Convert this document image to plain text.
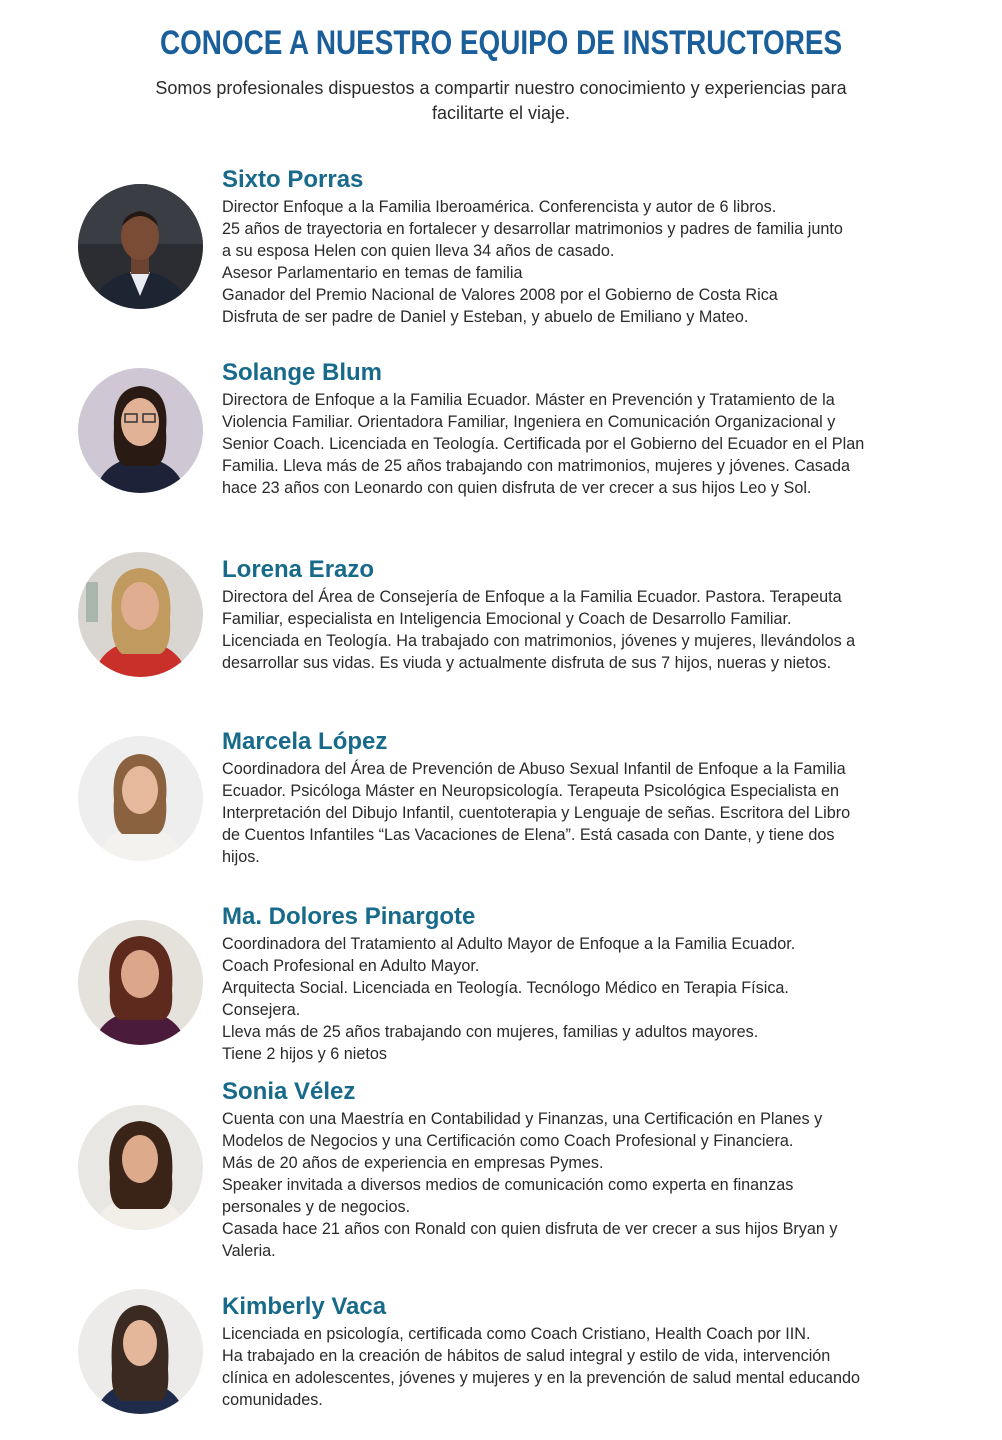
CONOCE A NUESTRO EQUIPO DE INSTRUCTORES
Somos profesionales dispuestos a compartir nuestro conocimiento y experiencias para
facilitarte el viaje.
Sixto Porras
Director Enfoque a la Familia Iberoamérica. Conferencista y autor de 6 libros.
25 años de trayectoria en fortalecer y desarrollar matrimonios y padres de familia junto
a su esposa Helen con quien lleva 34 años de casado.
Asesor Parlamentario en temas de familia
Ganador del Premio Nacional de Valores 2008 por el Gobierno de Costa Rica
Disfruta de ser padre de Daniel y Esteban, y abuelo de Emiliano y Mateo.
Solange Blum
Directora de Enfoque a la Familia Ecuador. Máster en Prevención y Tratamiento de la
Violencia Familiar. Orientadora Familiar, Ingeniera en Comunicación Organizacional y
Senior Coach. Licenciada en Teología. Certificada por el Gobierno del Ecuador en el Plan
Familia. Lleva más de 25 años trabajando con matrimonios, mujeres y jóvenes. Casada
hace 23 años con Leonardo con quien disfruta de ver crecer a sus hijos Leo y Sol.
Lorena Erazo
Directora del Área de Consejería de Enfoque a la Familia Ecuador. Pastora. Terapeuta
Familiar, especialista en Inteligencia Emocional y Coach de Desarrollo Familiar.
Licenciada en Teología. Ha trabajado con matrimonios, jóvenes y mujeres, llevándolos a
desarrollar sus vidas. Es viuda y actualmente disfruta de sus 7 hijos, nueras y nietos.
Marcela López
Coordinadora del Área de Prevención de Abuso Sexual Infantil de Enfoque a la Familia
Ecuador. Psicóloga Máster en Neuropsicología. Terapeuta Psicológica Especialista en
Interpretación del Dibujo Infantil, cuentoterapia y Lenguaje de señas. Escritora del Libro
de Cuentos Infantiles “Las Vacaciones de Elena”. Está casada con Dante, y tiene dos
hijos.
Ma. Dolores Pinargote
Coordinadora del Tratamiento al Adulto Mayor de Enfoque a la Familia Ecuador.
Coach Profesional en Adulto Mayor.
Arquitecta Social. Licenciada en Teología. Tecnólogo Médico en Terapia Física.
Consejera.
Lleva más de 25 años trabajando con mujeres, familias y adultos mayores.
Tiene 2 hijos y 6 nietos
Sonia Vélez
Cuenta con una Maestría en Contabilidad y Finanzas, una Certificación en Planes y
Modelos de Negocios y una Certificación como Coach Profesional y Financiera.
Más de 20 años de experiencia en empresas Pymes.
Speaker invitada a diversos medios de comunicación como experta en finanzas
personales y de negocios.
Casada hace 21 años con Ronald con quien disfruta de ver crecer a sus hijos Bryan y
Valeria.
Kimberly Vaca
Licenciada en psicología, certificada como Coach Cristiano, Health Coach por IIN.
Ha trabajado en la creación de hábitos de salud integral y estilo de vida, intervención
clínica en adolescentes, jóvenes y mujeres y en la prevención de salud mental educando
comunidades.
